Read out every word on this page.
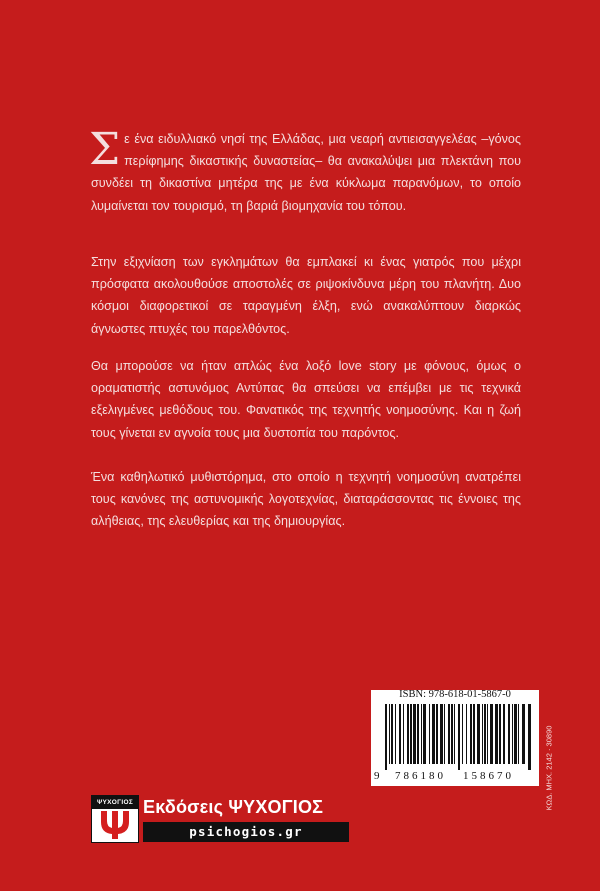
Σε ένα ειδυλλιακό νησί της Ελλάδας, μια νεαρή αντιεισαγγελέας –γόνος περίφημης δικαστικής δυναστείας– θα ανακαλύψει μια πλεκτάνη που συνδέει τη δικαστίνα μητέρα της με ένα κύκλωμα παρανόμων, το οποίο λυμαίνεται τον τουρισμό, τη βαριά βιομηχανία του τόπου.

Στην εξιχνίαση των εγκλημάτων θα εμπλακεί κι ένας γιατρός που μέχρι πρόσφατα ακολουθούσε αποστολές σε ριψοκίνδυνα μέρη του πλανήτη. Δυο κόσμοι διαφορετικοί σε ταραγμένη έλξη, ενώ ανακαλύπτουν διαρκώς άγνωστες πτυχές του παρελθόντος.

Θα μπορούσε να ήταν απλώς ένα λοξό love story με φόνους, όμως ο οραματιστής αστυνόμος Αντύπας θα σπεύσει να επέμβει με τις τεχνικά εξελιγμένες μεθόδους του. Φανατικός της τεχνητής νοημοσύνης. Και η ζωή τους γίνεται εν αγνοία τους μια δυστοπία του παρόντος.

Ένα καθηλωτικό μυθιστόρημα, στο οποίο η τεχνητή νοημοσύνη ανατρέπει τους κανόνες της αστυνομικής λογοτεχνίας, διαταράσσοντας τις έννοιες της αλήθειας, της ελευθερίας και της δημιουργίας.

ISBN: 978-618-01-5867-0
9 786180 158670	ΚΩΔ. ΜΗΧ. 2142 · 30890
ΨΥΧΟΓΙΟΣ Εκδόσεις ΨΥΧΟΓΙΟΣ
psichogios.gr
